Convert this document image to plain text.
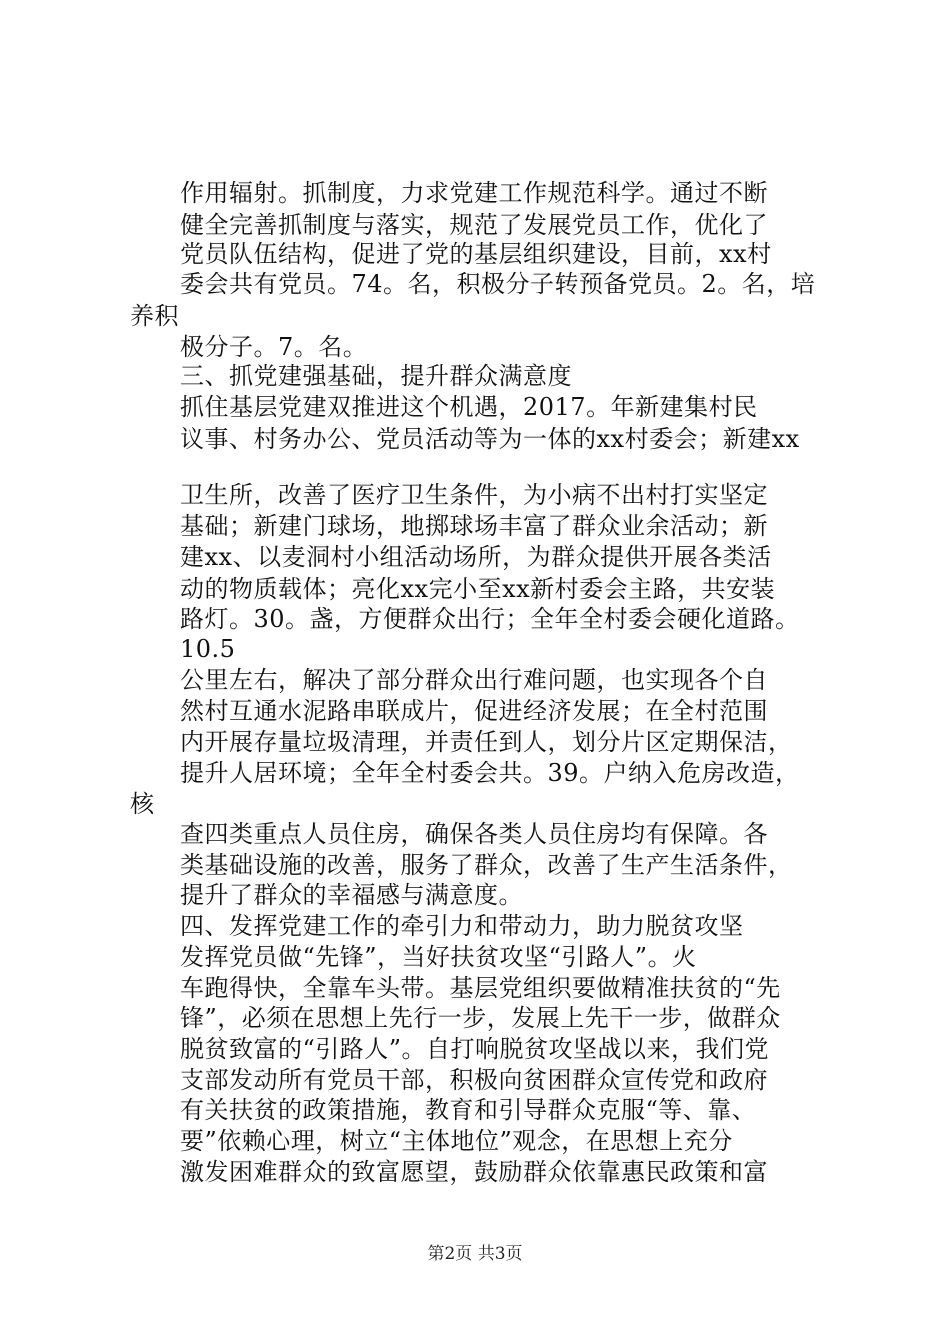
作用辐射。抓制度，力求党建工作规范科学。通过不断
健全完善抓制度与落实，规范了发展党员工作，优化了
党员队伍结构，促进了党的基层组织建设，目前，xx村
委会共有党员。74。名，积极分子转预备党员。2。名，培
养积
极分子。7。名。
三、抓党建强基础，提升群众满意度
抓住基层党建双推进这个机遇，2017。年新建集村民
议事、村务办公、党员活动等为一体的xx村委会；新建xx
卫生所，改善了医疗卫生条件，为小病不出村打实坚定
基础；新建门球场，地掷球场丰富了群众业余活动；新
建xx、以麦洞村小组活动场所，为群众提供开展各类活
动的物质载体；亮化xx完小至xx新村委会主路，共安装
路灯。30。盏，方便群众出行；全年全村委会硬化道路。
10.5
公里左右，解决了部分群众出行难问题，也实现各个自
然村互通水泥路串联成片，促进经济发展；在全村范围
内开展存量垃圾清理，并责任到人，划分片区定期保洁，
提升人居环境；全年全村委会共。39。户纳入危房改造，
核
查四类重点人员住房，确保各类人员住房均有保障。各
类基础设施的改善，服务了群众，改善了生产生活条件，
提升了群众的幸福感与满意度。
四、发挥党建工作的牵引力和带动力，助力脱贫攻坚
发挥党员做“先锋”，当好扶贫攻坚“引路人”。火
车跑得快，全靠车头带。基层党组织要做精准扶贫的“先
锋”，必须在思想上先行一步，发展上先干一步，做群众
脱贫致富的“引路人”。自打响脱贫攻坚战以来，我们党
支部发动所有党员干部，积极向贫困群众宣传党和政府
有关扶贫的政策措施，教育和引导群众克服“等、靠、
要”依赖心理，树立“主体地位”观念，在思想上充分
激发困难群众的致富愿望，鼓励群众依靠惠民政策和富
第2页 共3页
